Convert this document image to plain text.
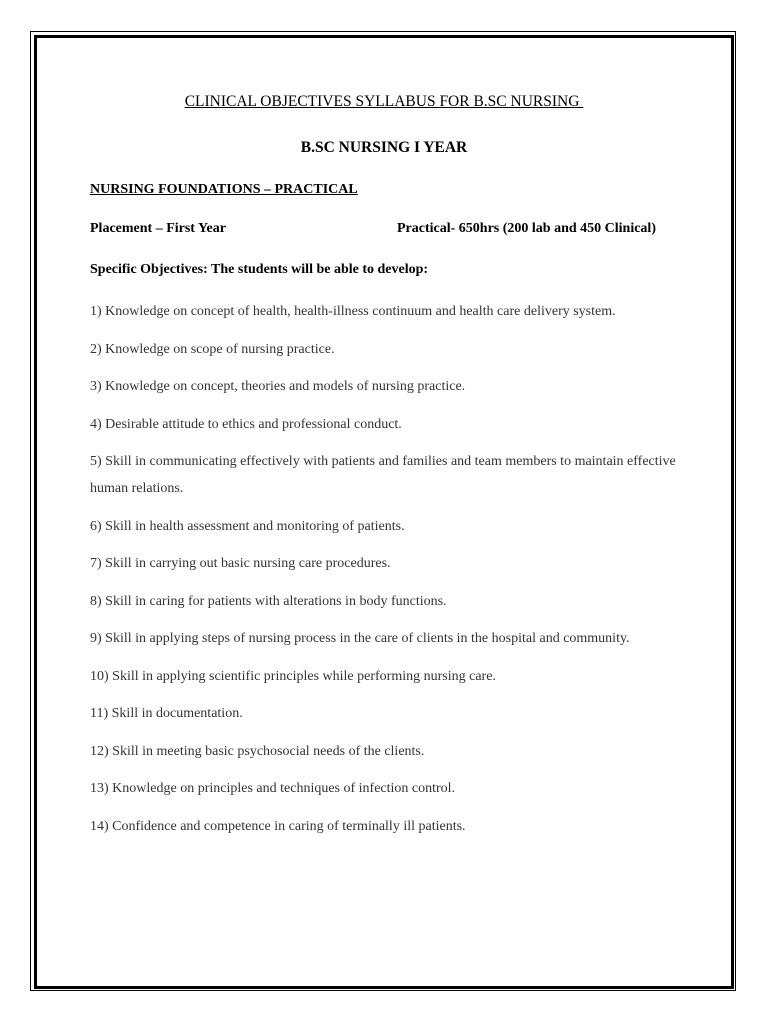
CLINICAL OBJECTIVES SYLLABUS FOR B.SC NURSING
B.SC NURSING I YEAR
NURSING FOUNDATIONS – PRACTICAL
Placement – First Year	Practical- 650hrs (200 lab and 450 Clinical)
Specific Objectives: The students will be able to develop:
1) Knowledge on concept of health, health-illness continuum and health care delivery system.
2) Knowledge on scope of nursing practice.
3) Knowledge on concept, theories and models of nursing practice.
4) Desirable attitude to ethics and professional conduct.
5) Skill in communicating effectively with patients and families and team members to maintain effective human relations.
6) Skill in health assessment and monitoring of patients.
7) Skill in carrying out basic nursing care procedures.
8) Skill in caring for patients with alterations in body functions.
9) Skill in applying steps of nursing process in the care of clients in the hospital and community.
10) Skill in applying scientific principles while performing nursing care.
11) Skill in documentation.
12) Skill in meeting basic psychosocial needs of the clients.
13) Knowledge on principles and techniques of infection control.
14) Confidence and competence in caring of terminally ill patients.
